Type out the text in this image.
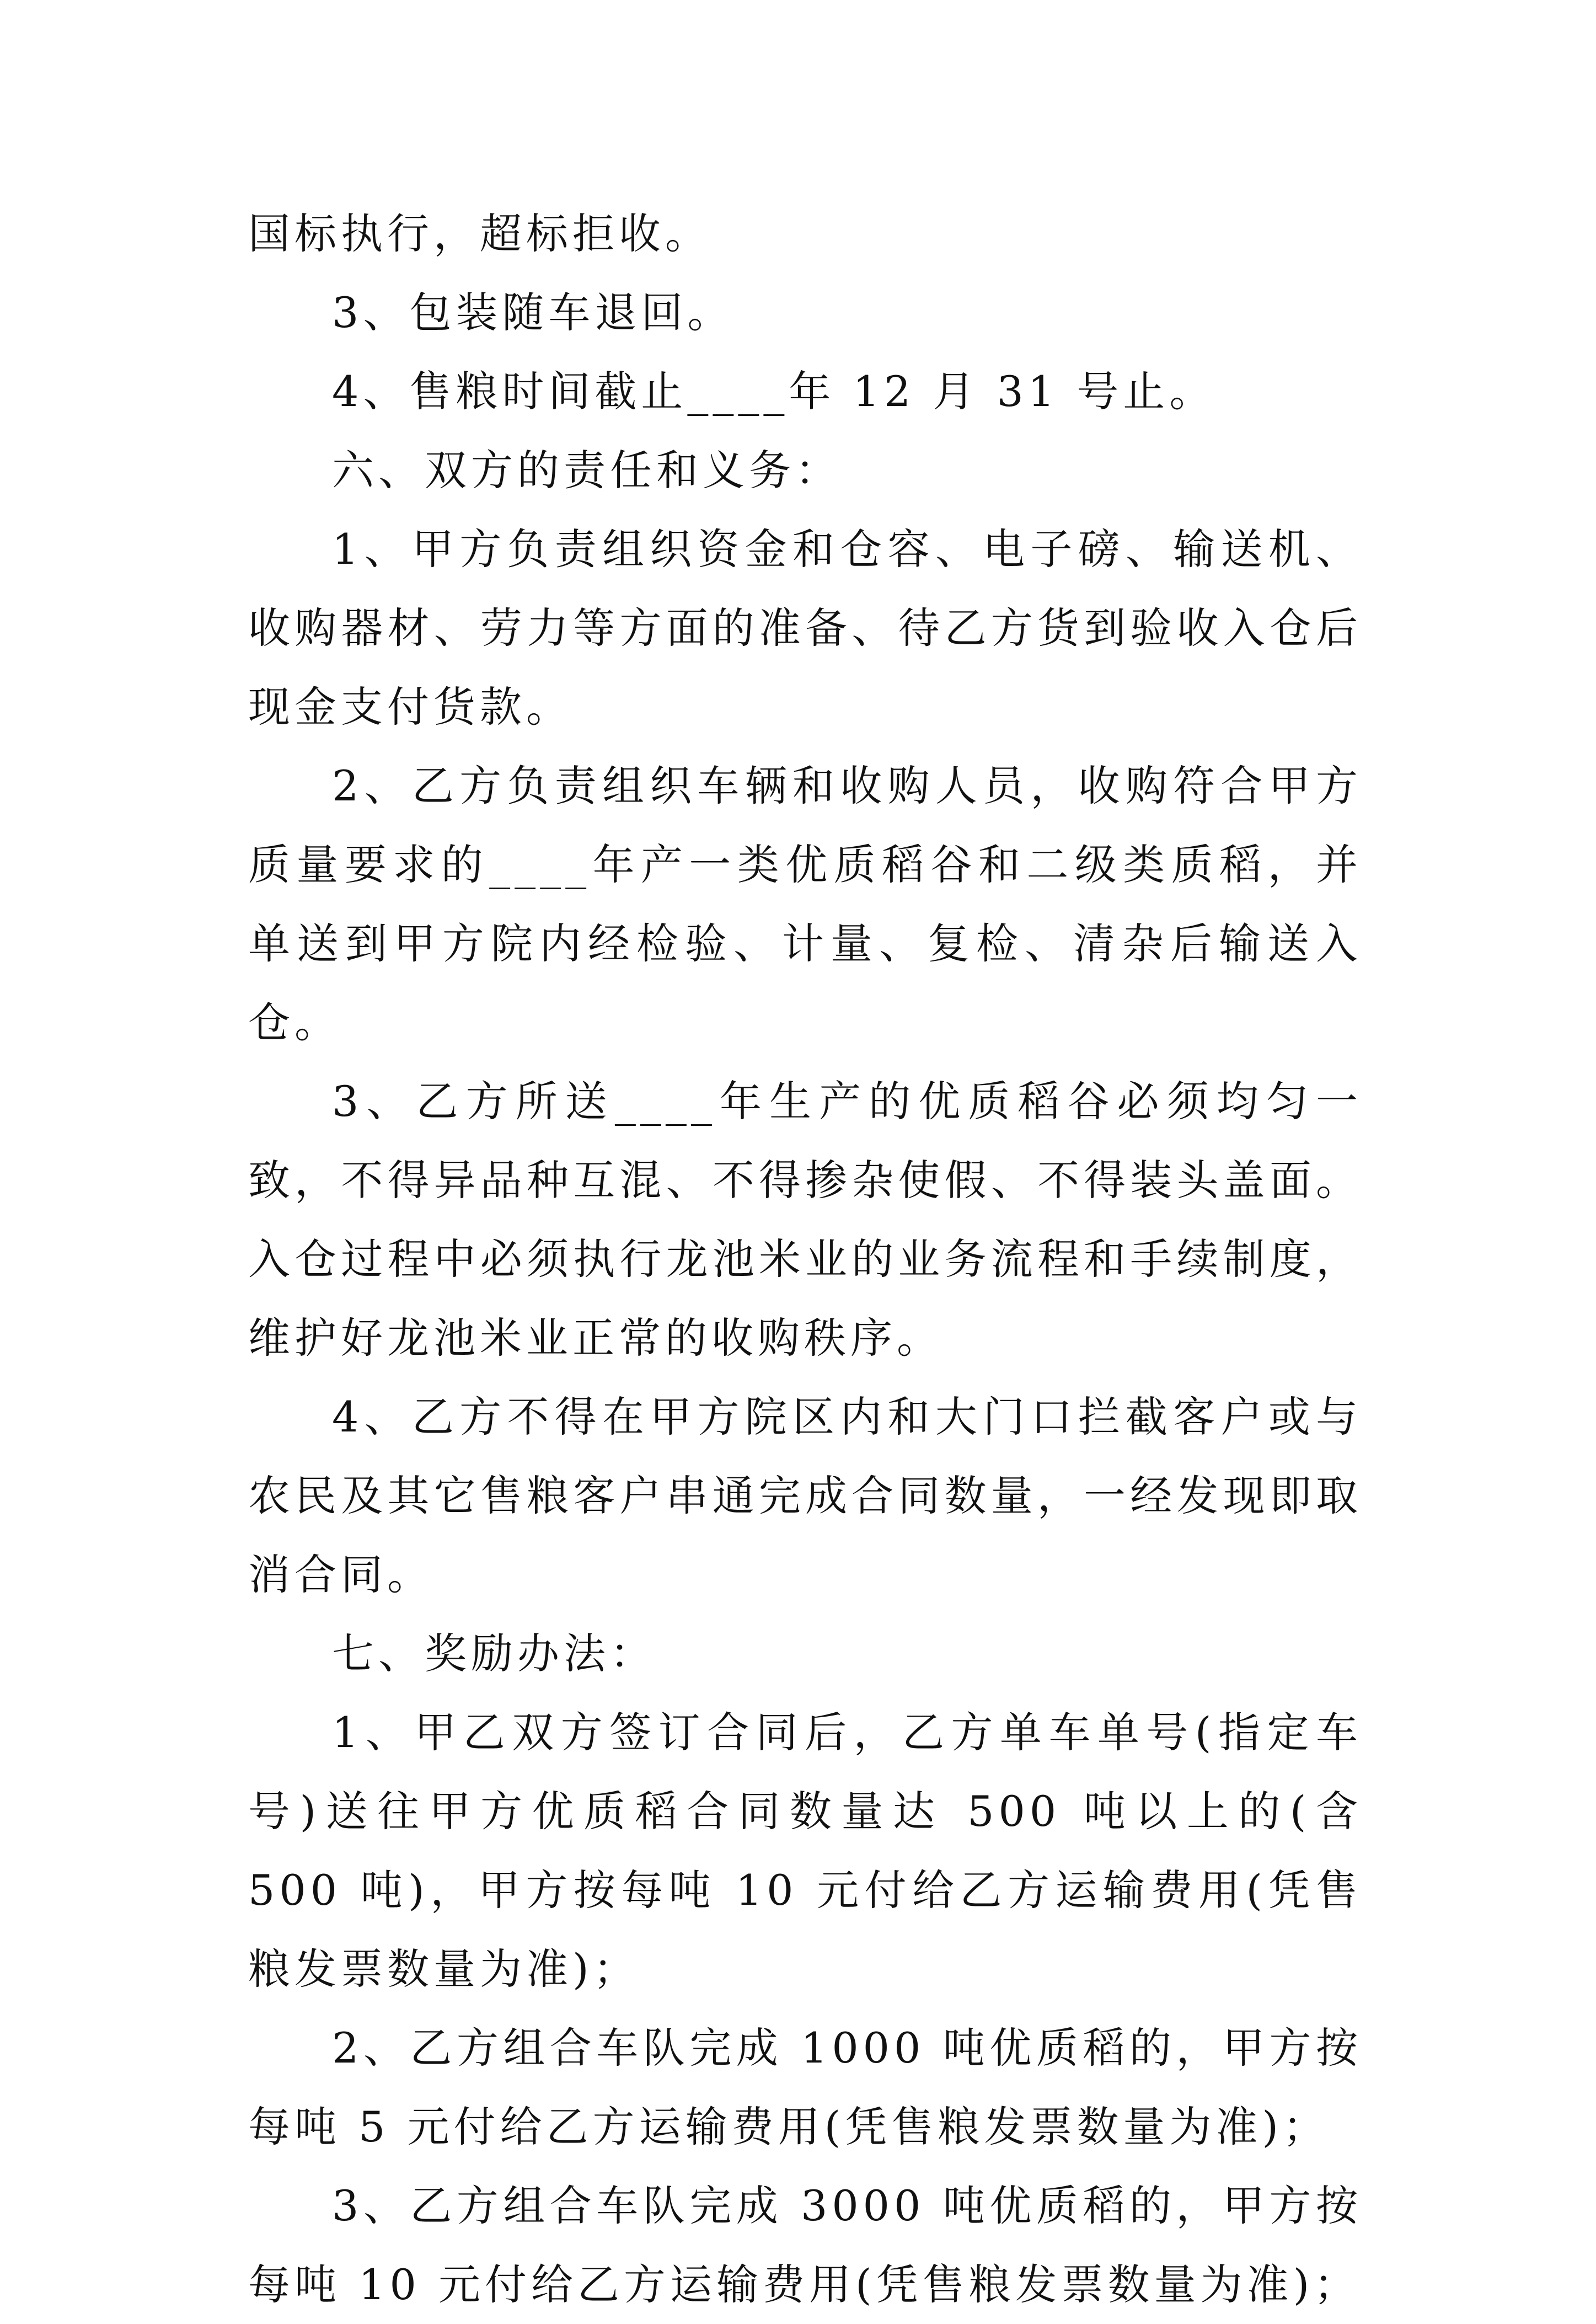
国标执行，超标拒收。

3、包装随车退回。

4、售粮时间截止____年 12 月 31 号止。

六、双方的责任和义务：

1、甲方负责组织资金和仓容、电子磅、输送机、收购器材、劳力等方面的准备、待乙方货到验收入仓后现金支付货款。

2、乙方负责组织车辆和收购人员，收购符合甲方质量要求的____年产一类优质稻谷和二级类质稻，并单送到甲方院内经检验、计量、复检、清杂后输送入仓。

3、乙方所送____年生产的优质稻谷必须均匀一致，不得异品种互混、不得掺杂使假、不得装头盖面。入仓过程中必须执行龙池米业的业务流程和手续制度，维护好龙池米业正常的收购秩序。

4、乙方不得在甲方院区内和大门口拦截客户或与农民及其它售粮客户串通完成合同数量，一经发现即取消合同。

七、奖励办法：

1、甲乙双方签订合同后，乙方单车单号(指定车号)送往甲方优质稻合同数量达 500 吨以上的(含 500 吨)，甲方按每吨 10 元付给乙方运输费用(凭售粮发票数量为准)；

2、乙方组合车队完成 1000 吨优质稻的，甲方按每吨 5 元付给乙方运输费用(凭售粮发票数量为准)；

3、乙方组合车队完成 3000 吨优质稻的，甲方按每吨 10 元付给乙方运输费用(凭售粮发票数量为准)；
